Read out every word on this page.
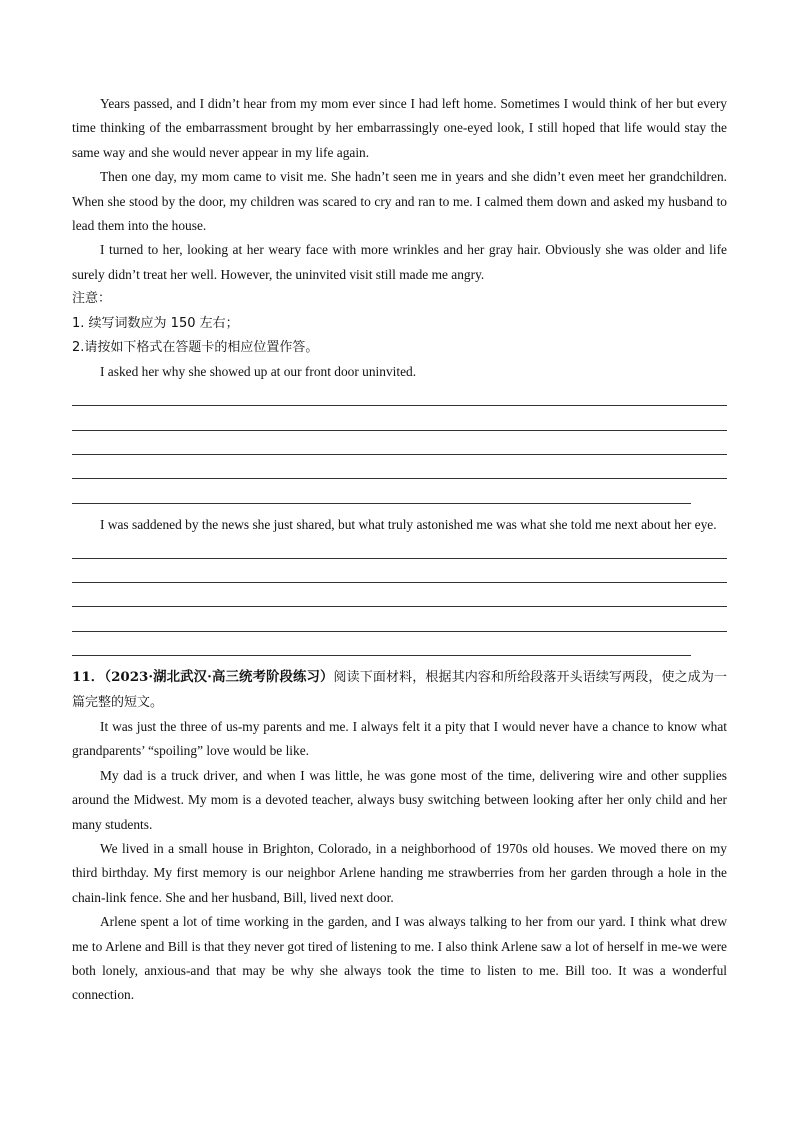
Years passed, and I didn’t hear from my mom ever since I had left home. Sometimes I would think of her but every time thinking of the embarrassment brought by her embarrassingly one-eyed look, I still hoped that life would stay the same way and she would never appear in my life again.

Then one day, my mom came to visit me. She hadn’t seen me in years and she didn’t even meet her grandchildren. When she stood by the door, my children was scared to cry and ran to me. I calmed them down and asked my husband to lead them into the house.

I turned to her, looking at her weary face with more wrinkles and her gray hair. Obviously she was older and life surely didn’t treat her well. However, the uninvited visit still made me angry.

注意：

1. 续写词数应为 150 左右；

2.请按如下格式在答题卡的相应位置作答。

I asked her why she showed up at our front door uninvited.

I was saddened by the news she just shared, but what truly astonished me was what she told me next about her eye.

11．（2023·湖北武汉·高三统考阶段练习）阅读下面材料，根据其内容和所给段落开头语续写两段，使之成为一篇完整的短文。

It was just the three of us-my parents and me. I always felt it a pity that I would never have a chance to know what grandparents’ “spoiling” love would be like.

My dad is a truck driver, and when I was little, he was gone most of the time, delivering wire and other supplies around the Midwest. My mom is a devoted teacher, always busy switching between looking after her only child and her many students.

We lived in a small house in Brighton, Colorado, in a neighborhood of 1970s old houses. We moved there on my third birthday. My first memory is our neighbor Arlene handing me strawberries from her garden through a hole in the chain-link fence. She and her husband, Bill, lived next door.

Arlene spent a lot of time working in the garden, and I was always talking to her from our yard. I think what drew me to Arlene and Bill is that they never got tired of listening to me. I also think Arlene saw a lot of herself in me-we were both lonely, anxious-and that may be why she always took the time to listen to me. Bill too. It was a wonderful connection.
